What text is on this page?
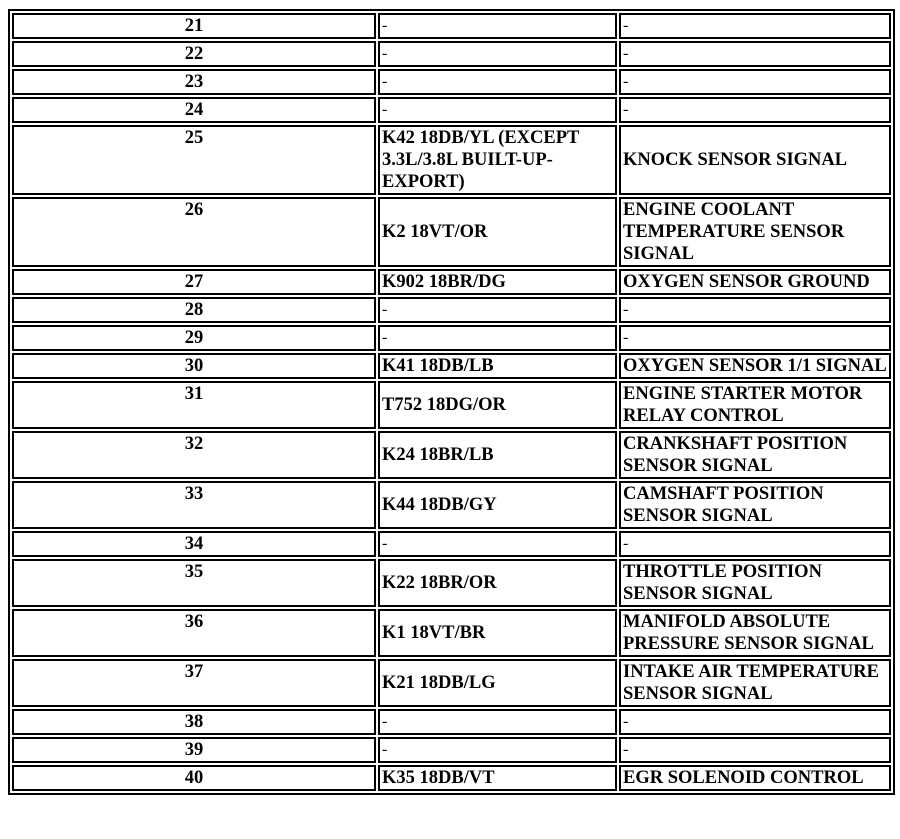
21	-	-
22	-	-
23	-	-
24	-	-
25	K42 18DB/YL (EXCEPT 3.3L/3.8L BUILT-UP-EXPORT)	KNOCK SENSOR SIGNAL
26	K2 18VT/OR	ENGINE COOLANT TEMPERATURE SENSOR SIGNAL
27	K902 18BR/DG	OXYGEN SENSOR GROUND
28	-	-
29	-	-
30	K41 18DB/LB	OXYGEN SENSOR 1/1 SIGNAL
31	T752 18DG/OR	ENGINE STARTER MOTOR RELAY CONTROL
32	K24 18BR/LB	CRANKSHAFT POSITION SENSOR SIGNAL
33	K44 18DB/GY	CAMSHAFT POSITION SENSOR SIGNAL
34	-	-
35	K22 18BR/OR	THROTTLE POSITION SENSOR SIGNAL
36	K1 18VT/BR	MANIFOLD ABSOLUTE PRESSURE SENSOR SIGNAL
37	K21 18DB/LG	INTAKE AIR TEMPERATURE SENSOR SIGNAL
38	-	-
39	-	-
40	K35 18DB/VT	EGR SOLENOID CONTROL
